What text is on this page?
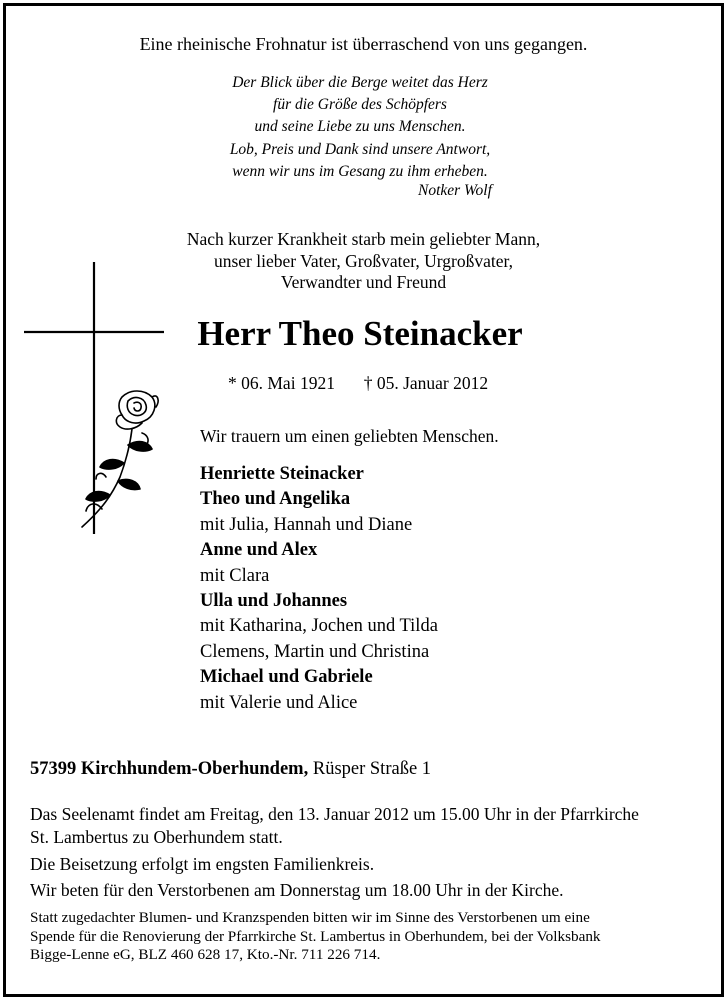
Eine rheinische Frohnatur ist überraschend von uns gegangen.
Der Blick über die Berge weitet das Herz
für die Größe des Schöpfers
und seine Liebe zu uns Menschen.
Lob, Preis und Dank sind unsere Antwort,
wenn wir uns im Gesang zu ihm erheben.
Notker Wolf
Nach kurzer Krankheit starb mein geliebter Mann,
unser lieber Vater, Großvater, Urgroßvater,
Verwandter und Freund
Herr Theo Steinacker
* 06. Mai 1921 † 05. Januar 2012
Wir trauern um einen geliebten Menschen.
Henriette Steinacker
Theo und Angelika
mit Julia, Hannah und Diane
Anne und Alex
mit Clara
Ulla und Johannes
mit Katharina, Jochen und Tilda
Clemens, Martin und Christina
Michael und Gabriele
mit Valerie und Alice
57399 Kirchhundem-Oberhundem, Rüsper Straße 1
Das Seelenamt findet am Freitag, den 13. Januar 2012 um 15.00 Uhr in der Pfarrkirche
St. Lambertus zu Oberhundem statt.
Die Beisetzung erfolgt im engsten Familienkreis.
Wir beten für den Verstorbenen am Donnerstag um 18.00 Uhr in der Kirche.
Statt zugedachter Blumen- und Kranzspenden bitten wir im Sinne des Verstorbenen um eine
Spende für die Renovierung der Pfarrkirche St. Lambertus in Oberhundem, bei der Volksbank
Bigge-Lenne eG, BLZ 460 628 17, Kto.-Nr. 711 226 714.
